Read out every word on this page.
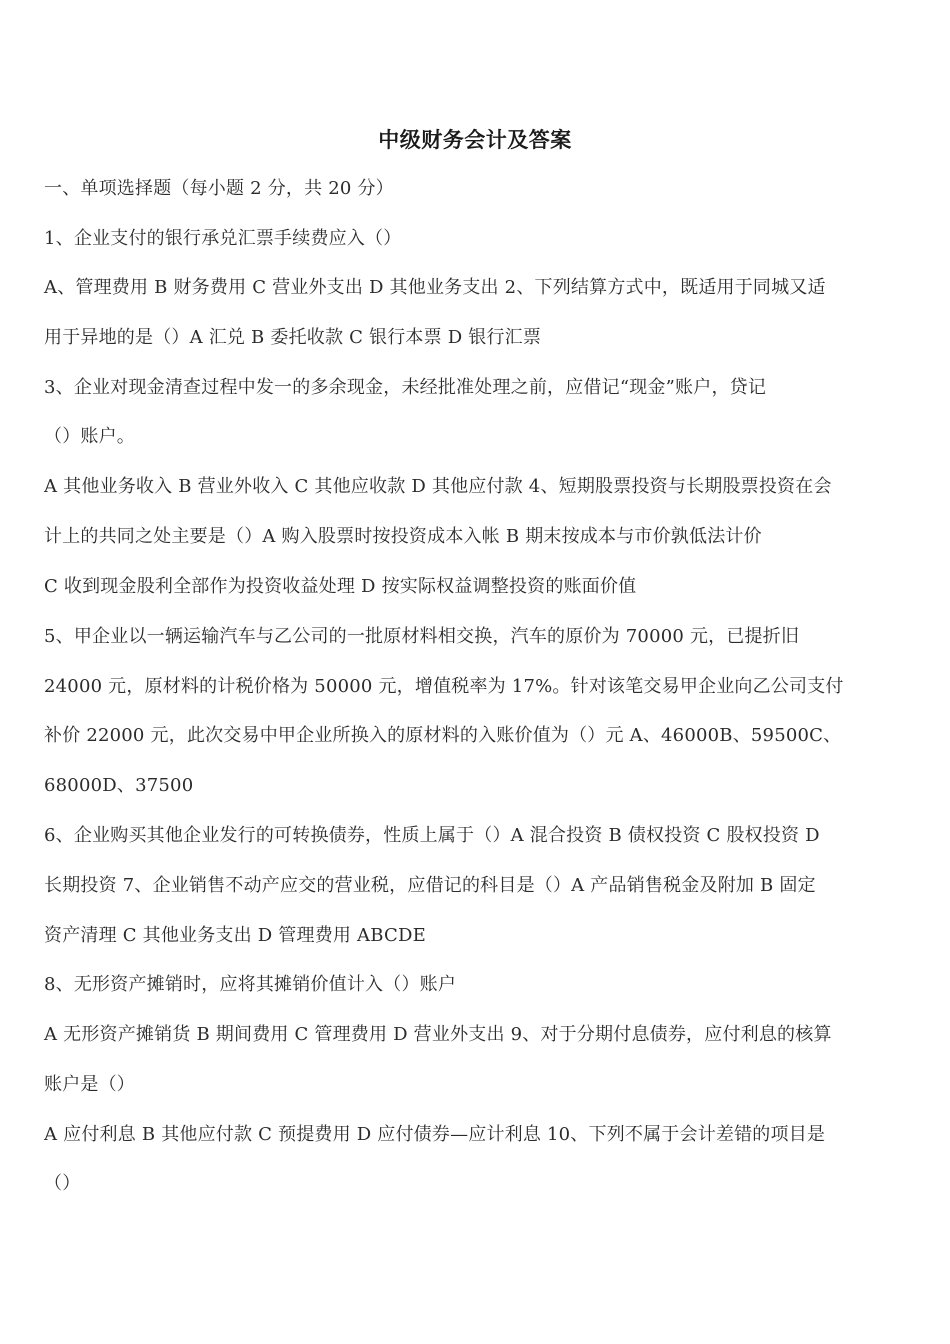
中级财务会计及答案
一、单项选择题（每小题 2 分，共 20 分）
1、企业支付的银行承兑汇票手续费应入（）
A、管理费用 B 财务费用 C 营业外支出 D 其他业务支出 2、下列结算方式中，既适用于同城又适
用于异地的是（）A 汇兑 B 委托收款 C 银行本票 D 银行汇票
3、企业对现金清查过程中发一的多余现金，未经批准处理之前，应借记“现金”账户，贷记
（）账户。
A 其他业务收入 B 营业外收入 C 其他应收款 D 其他应付款 4、短期股票投资与长期股票投资在会
计上的共同之处主要是（）A 购入股票时按投资成本入帐 B 期末按成本与市价孰低法计价
C 收到现金股利全部作为投资收益处理 D 按实际权益调整投资的账面价值
5、甲企业以一辆运输汽车与乙公司的一批原材料相交换，汽车的原价为 70000 元，已提折旧
24000 元，原材料的计税价格为 50000 元，增值税率为 17%。针对该笔交易甲企业向乙公司支付
补价 22000 元，此次交易中甲企业所换入的原材料的入账价值为（）元 A、46000B、59500C、
68000D、37500
6、企业购买其他企业发行的可转换债券，性质上属于（）A 混合投资 B 债权投资 C 股权投资 D
长期投资 7、企业销售不动产应交的营业税，应借记的科目是（）A 产品销售税金及附加 B 固定
资产清理 C 其他业务支出 D 管理费用 ABCDE
8、无形资产摊销时，应将其摊销价值计入（）账户
A 无形资产摊销货 B 期间费用 C 管理费用 D 营业外支出 9、对于分期付息债券，应付利息的核算
账户是（）
A 应付利息 B 其他应付款 C 预提费用 D 应付债券—应计利息 10、下列不属于会计差错的项目是
（）
